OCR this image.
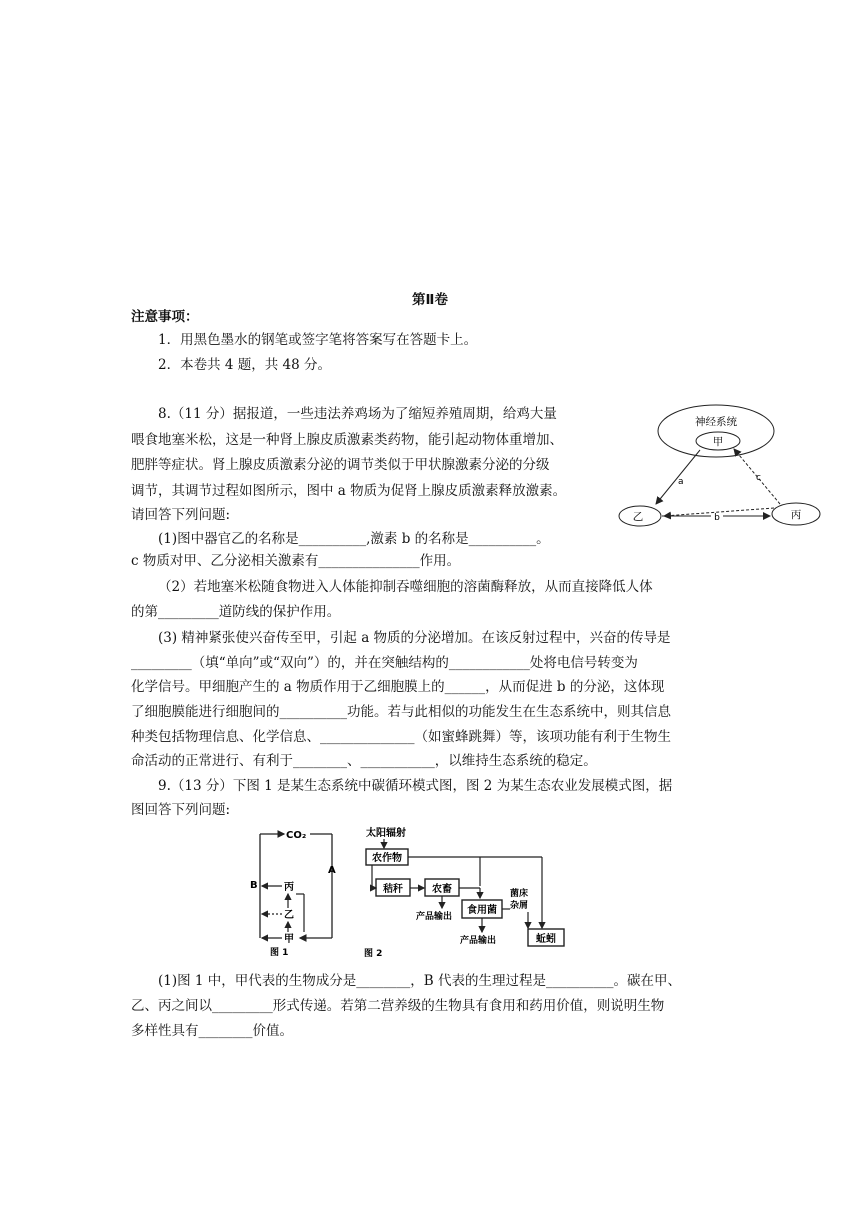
第Ⅱ卷
注意事项：
1．用黑色墨水的钢笔或签字笔将答案写在答题卡上。
2．本卷共 4 题，共 48 分。
8.（11 分）据报道，一些违法养鸡场为了缩短养殖周期，给鸡大量
喂食地塞米松，这是一种肾上腺皮质激素类药物，能引起动物体重增加、
肥胖等症状。肾上腺皮质激素分泌的调节类似于甲状腺激素分泌的分级
调节，其调节过程如图所示，图中 a 物质为促肾上腺皮质激素释放激素。
请回答下列问题:
(1)图中器官乙的名称是__________,激素 b 的名称是__________。
c 物质对甲、乙分泌相关激素有_______________作用。
（2）若地塞米松随食物进入人体能抑制吞噬细胞的溶菌酶释放，从而直接降低人体
的第_________道防线的保护作用。
(3) 精神紧张使兴奋传至甲，引起 a 物质的分泌增加。在该反射过程中，兴奋的传导是
_________（填“单向”或“双向”）的，并在突触结构的____________处将电信号转变为
化学信号。甲细胞产生的 a 物质作用于乙细胞膜上的______，从而促进 b 的分泌，这体现
了细胞膜能进行细胞间的__________功能。若与此相似的功能发生在生态系统中，则其信息
种类包括物理信息、化学信息、______________（如蜜蜂跳舞）等，该项功能有利于生物生
命活动的正常进行、有利于________、___________，以维持生态系统的稳定。
神经系统
甲
乙	丙
a
b
c
9.（13 分）下图 1 是某生态系统中碳循环模式图，图 2 为某生态农业发展模式图，据
图回答下列问题:
CO₂
A
B	丙
乙
甲
图 1
太阳辐射
农作物
秸秆	农畜
产品输出
食用菌
产品输出
菌床
杂屑
蚯蚓
图 2
(1)图 1 中，甲代表的生物成分是________，B 代表的生理过程是__________。碳在甲、
乙、丙之间以_________形式传递。若第二营养级的生物具有食用和药用价值，则说明生物
多样性具有________价值。
